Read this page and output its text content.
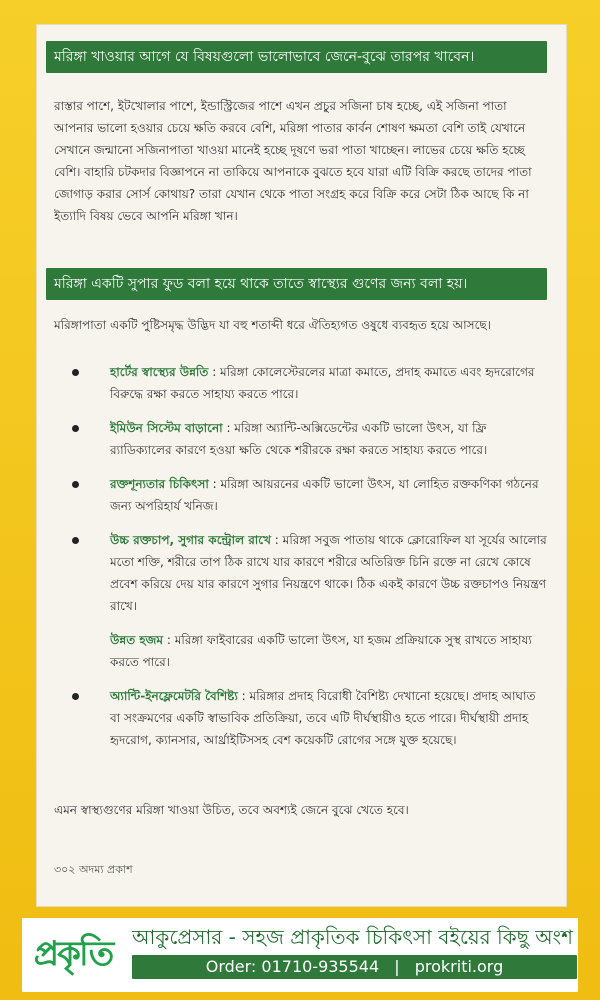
মরিঙ্গা খাওয়ার আগে যে বিষয়গুলো ভালোভাবে জেনে-বুঝে তারপর খাবেন।
রাস্তার পাশে, ইটখোলার পাশে, ইন্ডাস্ট্রিজের পাশে এখন প্রচুর সজিনা চাষ হচ্ছে, এই সজিনা পাতা আপনার ভালো হওয়ার চেয়ে ক্ষতি করবে বেশি, মরিঙ্গা পাতার কার্বন শোষণ ক্ষমতা বেশি তাই যেখানে সেখানে জন্মানো সজিনাপাতা খাওয়া মানেই হচ্ছে দূষণে ভরা পাতা খাচ্ছেন। লাভের চেয়ে ক্ষতি হচ্ছে বেশি। বাহারি চটকদার বিজ্ঞাপনে না তাকিয়ে আপনাকে বুঝতে হবে যারা এটি বিক্রি করছে তাদের পাতা জোগাড় করার সোর্স কোথায়? তারা যেখান থেকে পাতা সংগ্রহ করে বিক্রি করে সেটা ঠিক আছে কি না ইত্যাদি বিষয় ভেবে আপনি মরিঙ্গা খান।
মরিঙ্গা একটি সুপার ফুড বলা হয়ে থাকে তাতে স্বাস্থ্যের গুণের জন্য বলা হয়।
মরিঙ্গাপাতা একটি পুষ্টিসমৃদ্ধ উদ্ভিদ যা বহু শতাব্দী ধরে ঐতিহ্যগত ওষুধে ব্যবহৃত হয়ে আসছে।
হার্টের স্বাস্থ্যের উন্নতি : মরিঙ্গা কোলেস্টেরলের মাত্রা কমাতে, প্রদাহ কমাতে এবং হৃদরোগের বিরুদ্ধে রক্ষা করতে সাহায্য করতে পারে।
ইমিউন সিস্টেম বাড়ানো : মরিঙ্গা অ্যান্টি-অক্সিডেন্টের একটি ভালো উৎস, যা ফ্রি র‍্যাডিক্যালের কারণে হওয়া ক্ষতি থেকে শরীরকে রক্ষা করতে সাহায্য করতে পারে।
রক্তশূন্যতার চিকিৎসা : মরিঙ্গা আয়রনের একটি ভালো উৎস, যা লোহিত রক্তকণিকা গঠনের জন্য অপরিহার্য খনিজ।
উচ্চ রক্তচাপ, সুগার কন্ট্রোল রাখে : মরিঙ্গা সবুজ পাতায় থাকে ক্লোরোফিল যা সূর্যের আলোর মতো শক্তি, শরীরে তাপ ঠিক রাখে যার কারণে শরীরে অতিরিক্ত চিনি রক্তে না রেখে কোষে প্রবেশ করিয়ে দেয় যার কারণে সুগার নিয়ন্ত্রণে থাকে। ঠিক একই কারণে উচ্চ রক্তচাপও নিয়ন্ত্রণ রাখে।
উন্নত হজম : মরিঙ্গা ফাইবারের একটি ভালো উৎস, যা হজম প্রক্রিয়াকে সুস্থ রাখতে সাহায্য করতে পারে।
অ্যান্টি-ইনফ্লেমেটরি বৈশিষ্ট্য : মরিঙ্গার প্রদাহ বিরোধী বৈশিষ্ট্য দেখানো হয়েছে। প্রদাহ আঘাত বা সংক্রমণের একটি স্বাভাবিক প্রতিক্রিয়া, তবে এটি দীর্ঘস্থায়ীও হতে পারে। দীর্ঘস্থায়ী প্রদাহ হৃদরোগ, ক্যানসার, আর্থ্রাইটিসসহ বেশ কয়েকটি রোগের সঙ্গে যুক্ত হয়েছে।
এমন স্বাস্থ্যগুণের মরিঙ্গা খাওয়া উচিত, তবে অবশ্যই জেনে বুঝে খেতে হবে।
৩০২ অদম্য প্রকাশ
প্রকৃতি আকুপ্রেসার - সহজ প্রাকৃতিক চিকিৎসা বইয়ের কিছু অংশ
Order: 01710-935544 | prokriti.org
